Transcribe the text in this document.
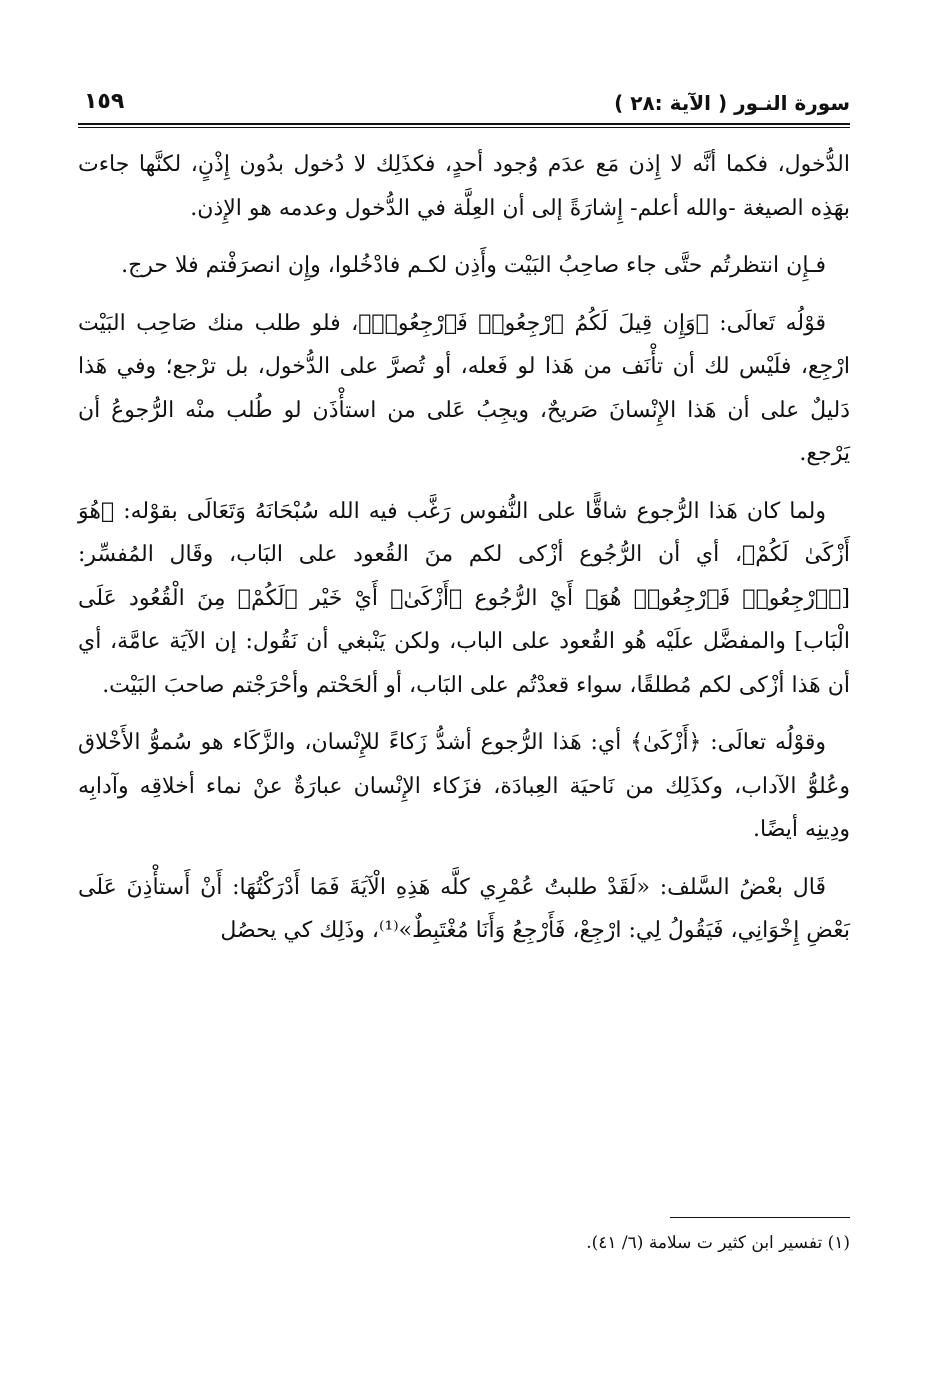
سورة النـور ( الآية :٢٨ )
١٥٩

الدُّخول، فكما أنَّه لا إِذن مَع عدَم وُجود أحدٍ، فكذَلِك لا دُخول بدُون إِذْنٍ، لكنَّها جاءت بهَذِه الصيغة -والله أعلم- إِشارَةً إلى أن العِلَّة في الدُّخول وعدمه هو الإِذن.

فـإِن انتظرتُم حتَّى جاء صاحِبُ البَيْت وأَذِن لكـم فادْخُلوا، وإِن انصرَفْتم فلا حرج.

قوْلُه تَعالَى: ﴿وَإِن قِيلَ لَكُمُ ٱرْجِعُوا۟ فَٱرْجِعُوا۟﴾، فلو طلب منك صَاحِب البَيْت ارْجِع، فلَيْس لك أن تأْنَف من هَذا لو فَعله، أو تُصرَّ على الدُّخول، بل ترْجع؛ وفي هَذا دَليلٌ على أن هَذا الإِنْسانَ صَريحٌ، ويجِبُ عَلى من استأْذَن لو طُلب منْه الرُّجوعُ أن يَرْجع.

ولما كان هَذا الرُّجوع شاقًّا على النُّفوس رَغَّب فيه الله سُبْحَانَهُ وَتَعَالَى بقوْله: ﴿هُوَ أَزْكَىٰ لَكُمْ﴾، أي أن الرُّجُوع أزْكى لكم منَ القُعود على البَاب، وقَال المُفسِّر: [﴿ٱرْجِعُوا۟ فَٱرْجِعُوا۟ هُوَ﴾ أَيْ الرُّجُوع ﴿أَزْكَىٰ﴾ أَيْ خَيْر ﴿لَكُمْ﴾ مِنَ الْقُعُود عَلَى الْبَاب] والمفضَّل علَيْه هُو القُعود على الباب، ولكن يَنْبغي أن نَقُول: إن الآيَة عامَّة، أي أن هَذا أزْكى لكم مُطلقًا، سواء قعدْتُم على البَاب، أو ألحَحْتم وأحْرَجْتم صاحبَ البَيْت.

وقوْلُه تعالَى: ﴿أَزْكَىٰ﴾ أي: هَذا الرُّجوع أشدُّ زَكاءً للإِنْسان، والزَّكَاء هو سُموُّ الأَخْلاق وعُلوُّ الآداب، وكذَلِك من نَاحيَة العِبادَة، فزَكاء الإِنْسان عبارَةٌ عنْ نماء أخلاقِه وآدابِه ودِينِه أيضًا.

قَال بعْضُ السَّلف: «لَقَدْ طلبتُ عُمْرِي كلَّه هَذِهِ الْآيَةَ فَمَا أَدْرَكْتُهَا: أَنْ أَستأْذِنَ عَلَى بَعْضِ إِخْوَانِي، فَيَقُولُ لِي: ارْجِعْ، فَأَرْجِعُ وَأَنَا مُغْتَبِطٌ»⁽¹⁾، وذَلِك كي يحصُل

(١) تفسير ابن كثير ت سلامة (٦/ ٤١).
